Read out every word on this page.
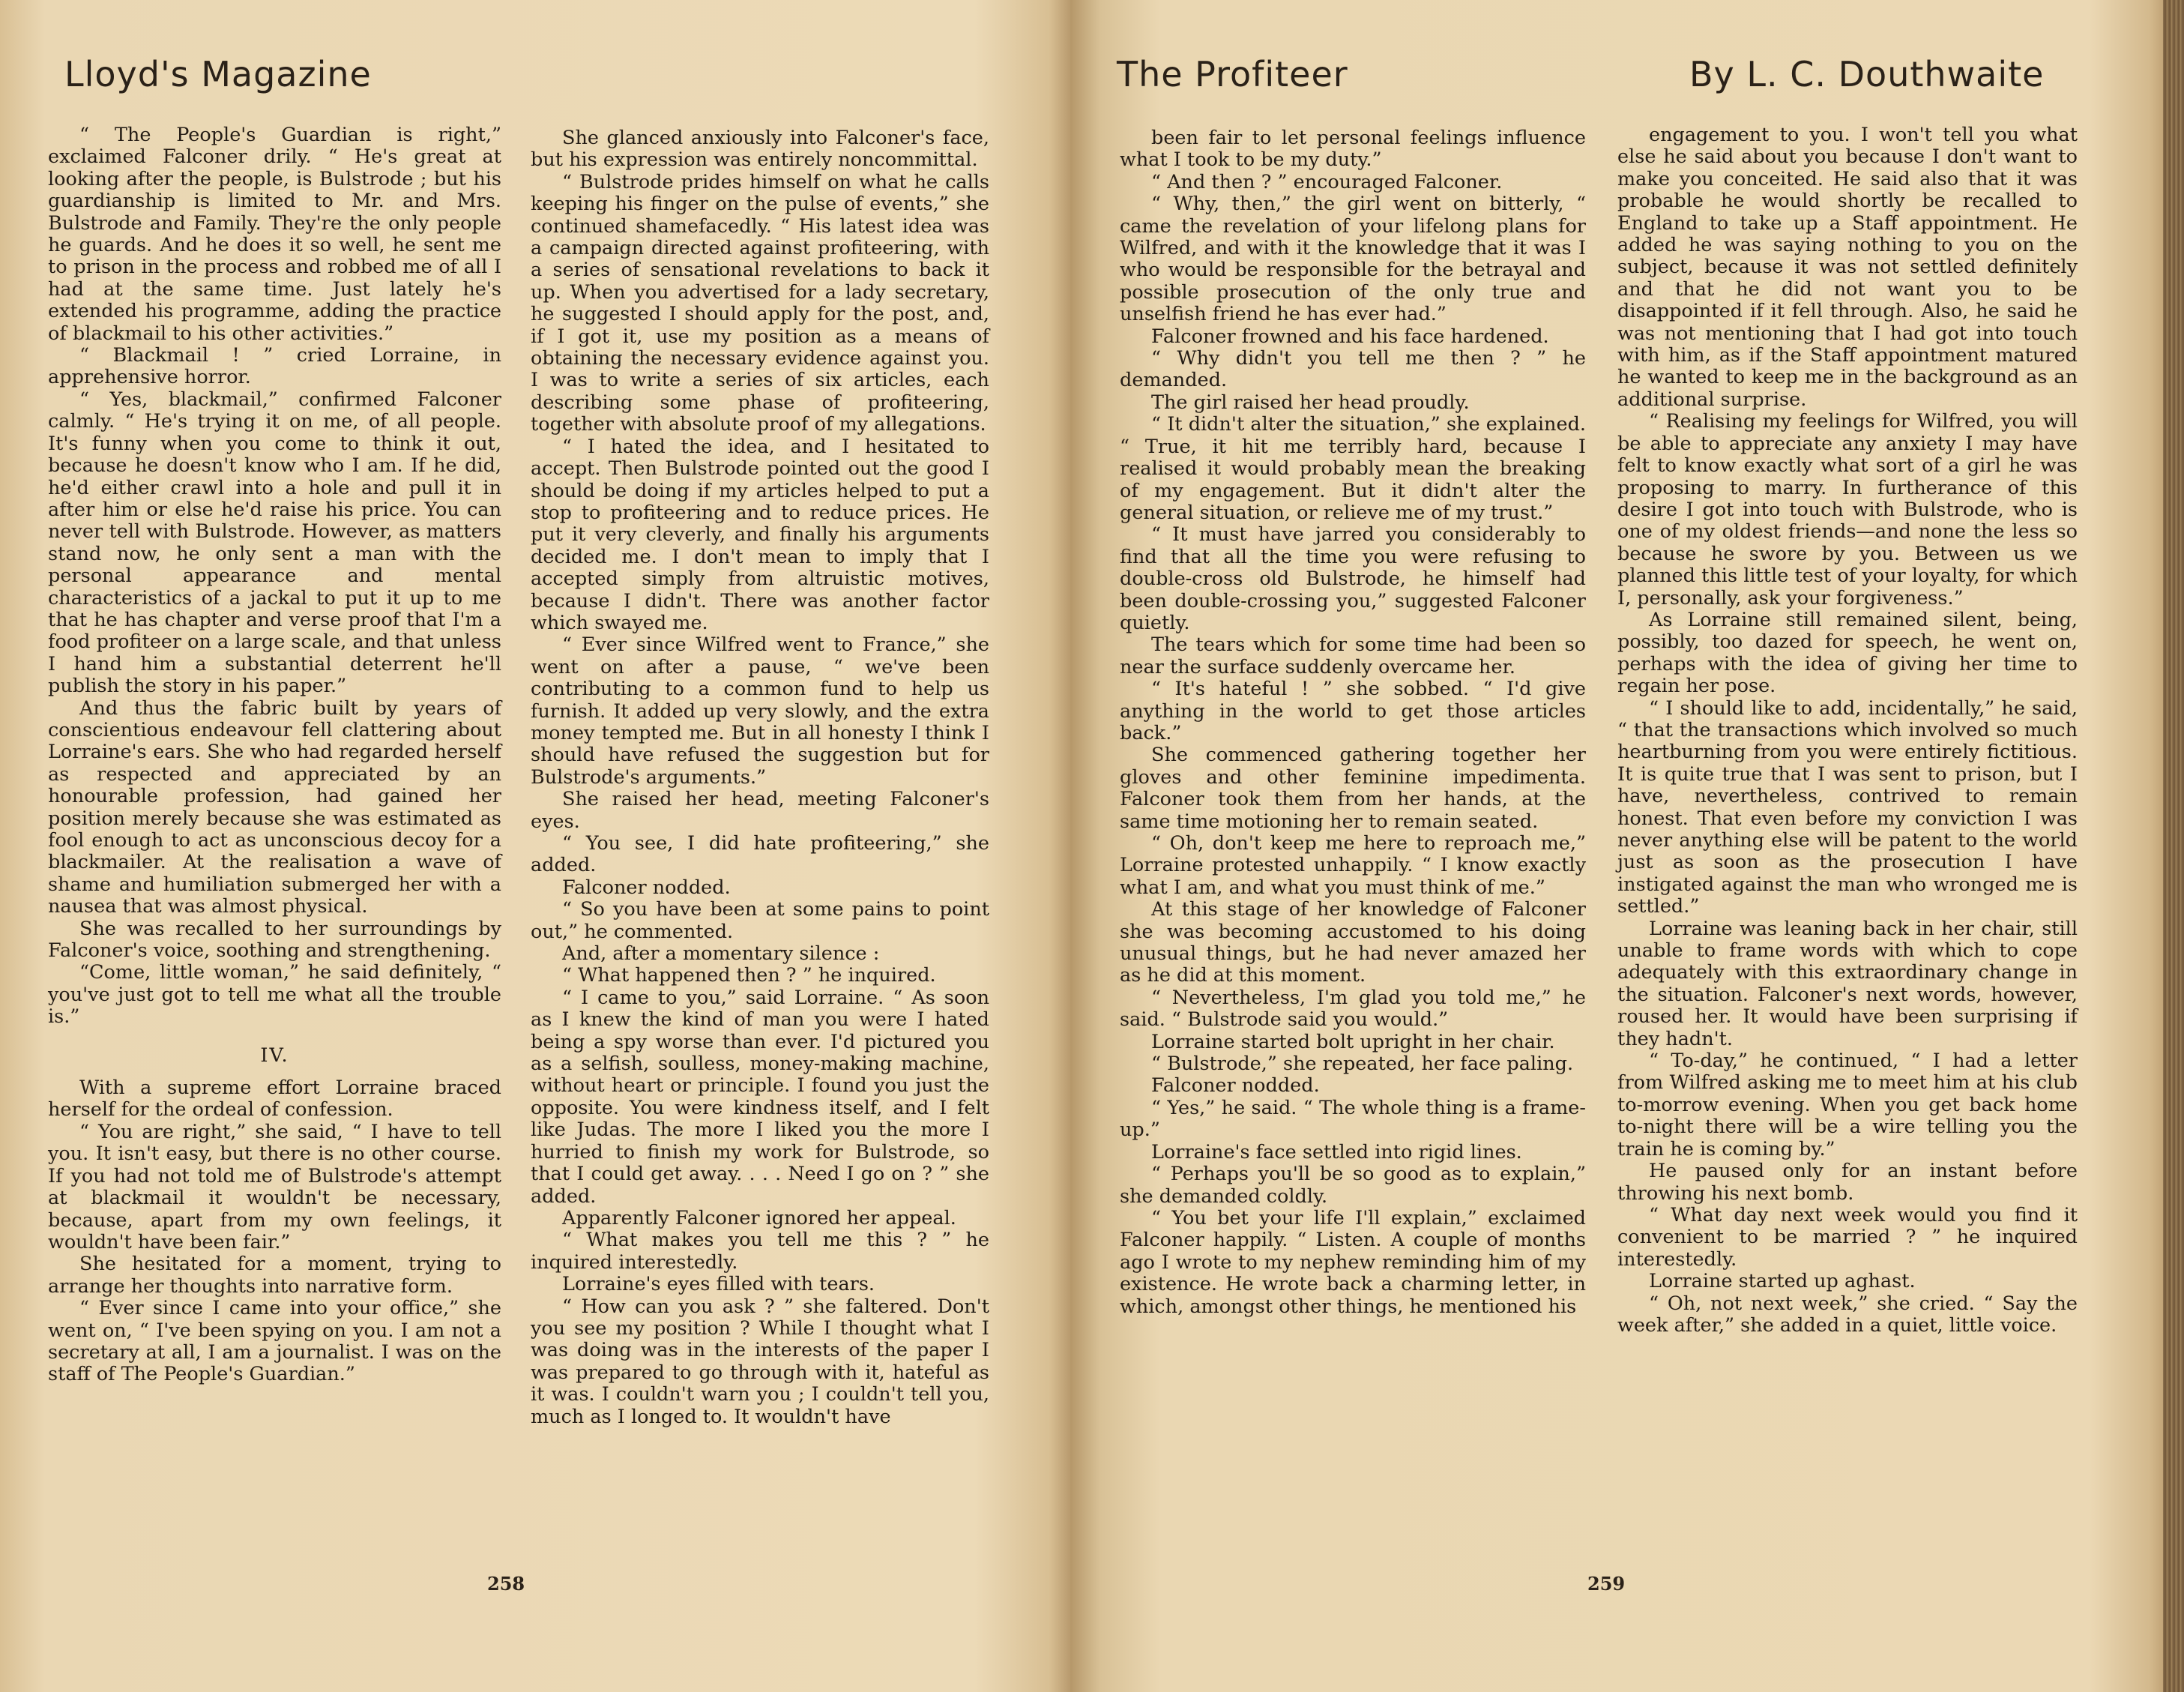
Lloyd's Magazine

“ The People's Guardian is right,” exclaimed Falconer drily. “ He's great at looking after the people, is Bulstrode ; but his guardianship is limited to Mr. and Mrs. Bulstrode and Family. They're the only people he guards. And he does it so well, he sent me to prison in the process and robbed me of all I had at the same time. Just lately he's extended his programme, adding the practice of blackmail to his other activities.”

“ Blackmail ! ” cried Lorraine, in apprehensive horror.

“ Yes, blackmail,” confirmed Falconer calmly. “ He's trying it on me, of all people. It's funny when you come to think it out, because he doesn't know who I am. If he did, he'd either crawl into a hole and pull it in after him or else he'd raise his price. You can never tell with Bulstrode. However, as matters stand now, he only sent a man with the personal appearance and mental characteristics of a jackal to put it up to me that he has chapter and verse proof that I'm a food profiteer on a large scale, and that unless I hand him a substantial deterrent he'll publish the story in his paper.”

And thus the fabric built by years of conscientious endeavour fell clattering about Lorraine's ears. She who had regarded herself as respected and appreciated by an honourable profession, had gained her position merely because she was estimated as fool enough to act as unconscious decoy for a blackmailer. At the realisation a wave of shame and humiliation submerged her with a nausea that was almost physical.

She was recalled to her surroundings by Falconer's voice, soothing and strengthening.

“Come, little woman,” he said definitely, “ you've just got to tell me what all the trouble is.”

IV.

With a supreme effort Lorraine braced herself for the ordeal of confession.

“ You are right,” she said, “ I have to tell you. It isn't easy, but there is no other course. If you had not told me of Bulstrode's attempt at blackmail it wouldn't be necessary, because, apart from my own feelings, it wouldn't have been fair.”

She hesitated for a moment, trying to arrange her thoughts into narrative form.

“ Ever since I came into your office,” she went on, “ I've been spying on you. I am not a secretary at all, I am a journalist. I was on the staff of The People's Guardian.”

She glanced anxiously into Falconer's face, but his expression was entirely noncommittal.

“ Bulstrode prides himself on what he calls keeping his finger on the pulse of events,” she continued shamefacedly. “ His latest idea was a campaign directed against profiteering, with a series of sensational revelations to back it up. When you advertised for a lady secretary, he suggested I should apply for the post, and, if I got it, use my position as a means of obtaining the necessary evidence against you. I was to write a series of six articles, each describing some phase of profiteering, together with absolute proof of my allegations.

“ I hated the idea, and I hesitated to accept. Then Bulstrode pointed out the good I should be doing if my articles helped to put a stop to profiteering and to reduce prices. He put it very cleverly, and finally his arguments decided me. I don't mean to imply that I accepted simply from altruistic motives, because I didn't. There was another factor which swayed me.

“ Ever since Wilfred went to France,” she went on after a pause, “ we've been contributing to a common fund to help us furnish. It added up very slowly, and the extra money tempted me. But in all honesty I think I should have refused the suggestion but for Bulstrode's arguments.”

She raised her head, meeting Falconer's eyes.

“ You see, I did hate profiteering,” she added.

Falconer nodded.

“ So you have been at some pains to point out,” he commented.

And, after a momentary silence :

“ What happened then ? ” he inquired.

“ I came to you,” said Lorraine. “ As soon as I knew the kind of man you were I hated being a spy worse than ever. I'd pictured you as a selfish, soulless, money-making machine, without heart or principle. I found you just the opposite. You were kindness itself, and I felt like Judas. The more I liked you the more I hurried to finish my work for Bulstrode, so that I could get away. . . . Need I go on ? ” she added.

Apparently Falconer ignored her appeal.

“ What makes you tell me this ? ” he inquired interestedly.

Lorraine's eyes filled with tears.

“ How can you ask ? ” she faltered. Don't you see my position ? While I thought what I was doing was in the interests of the paper I was prepared to go through with it, hateful as it was. I couldn't warn you ; I couldn't tell you, much as I longed to. It wouldn't have

258
The Profiteer	By L. C. Douthwaite

been fair to let personal feelings influence what I took to be my duty.”

“ And then ? ” encouraged Falconer.

“ Why, then,” the girl went on bitterly, “ came the revelation of your lifelong plans for Wilfred, and with it the knowledge that it was I who would be responsible for the betrayal and possible prosecution of the only true and unselfish friend he has ever had.”

Falconer frowned and his face hardened.

“ Why didn't you tell me then ? ” he demanded.

The girl raised her head proudly.

“ It didn't alter the situation,” she explained. “ True, it hit me terribly hard, because I realised it would probably mean the breaking of my engagement. But it didn't alter the general situation, or relieve me of my trust.”

“ It must have jarred you considerably to find that all the time you were refusing to double-cross old Bulstrode, he himself had been double-crossing you,” suggested Falconer quietly.

The tears which for some time had been so near the surface suddenly overcame her.

“ It's hateful ! ” she sobbed. “ I'd give anything in the world to get those articles back.”

She commenced gathering together her gloves and other feminine impedimenta. Falconer took them from her hands, at the same time motioning her to remain seated.

“ Oh, don't keep me here to reproach me,” Lorraine protested unhappily. “ I know exactly what I am, and what you must think of me.”

At this stage of her knowledge of Falconer she was becoming accustomed to his doing unusual things, but he had never amazed her as he did at this moment.

“ Nevertheless, I'm glad you told me,” he said. “ Bulstrode said you would.”

Lorraine started bolt upright in her chair.

“ Bulstrode,” she repeated, her face paling.

Falconer nodded.

“ Yes,” he said. “ The whole thing is a frame-up.”

Lorraine's face settled into rigid lines.

“ Perhaps you'll be so good as to explain,” she demanded coldly.

“ You bet your life I'll explain,” exclaimed Falconer happily. “ Listen. A couple of months ago I wrote to my nephew reminding him of my existence. He wrote back a charming letter, in which, amongst other things, he mentioned his

engagement to you. I won't tell you what else he said about you because I don't want to make you conceited. He said also that it was probable he would shortly be recalled to England to take up a Staff appointment. He added he was saying nothing to you on the subject, because it was not settled definitely and that he did not want you to be disappointed if it fell through. Also, he said he was not mentioning that I had got into touch with him, as if the Staff appointment matured he wanted to keep me in the background as an additional surprise.

“ Realising my feelings for Wilfred, you will be able to appreciate any anxiety I may have felt to know exactly what sort of a girl he was proposing to marry. In furtherance of this desire I got into touch with Bulstrode, who is one of my oldest friends—and none the less so because he swore by you. Between us we planned this little test of your loyalty, for which I, personally, ask your forgiveness.”

As Lorraine still remained silent, being, possibly, too dazed for speech, he went on, perhaps with the idea of giving her time to regain her pose.

“ I should like to add, incidentally,” he said, “ that the transactions which involved so much heartburning from you were entirely fictitious. It is quite true that I was sent to prison, but I have, nevertheless, contrived to remain honest. That even before my conviction I was never anything else will be patent to the world just as soon as the prosecution I have instigated against the man who wronged me is settled.”

Lorraine was leaning back in her chair, still unable to frame words with which to cope adequately with this extraordinary change in the situation. Falconer's next words, however, roused her. It would have been surprising if they hadn't.

“ To-day,” he continued, “ I had a letter from Wilfred asking me to meet him at his club to-morrow evening. When you get back home to-night there will be a wire telling you the train he is coming by.”

He paused only for an instant before throwing his next bomb.

“ What day next week would you find it convenient to be married ? ” he inquired interestedly.

Lorraine started up aghast.

“ Oh, not next week,” she cried. “ Say the week after,” she added in a quiet, little voice.

259
